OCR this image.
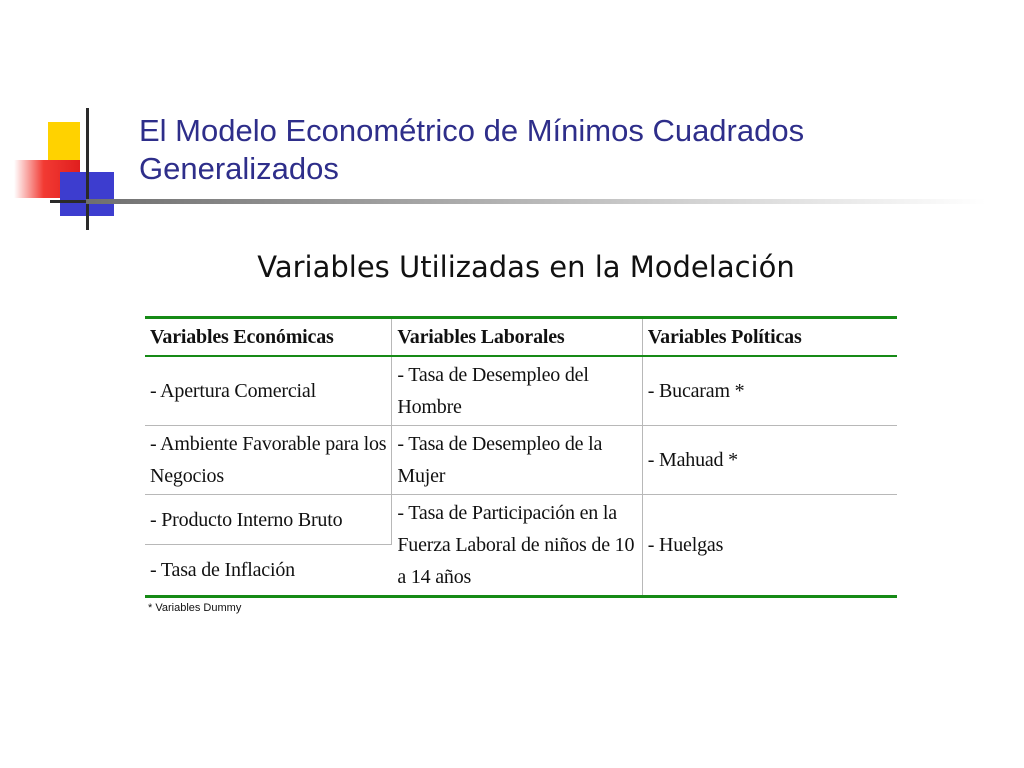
El Modelo Econométrico de Mínimos Cuadrados Generalizados
Variables Utilizadas en la Modelación
Variables Económicas	Variables Laborales	Variables Políticas
- Apertura Comercial	- Tasa de Desempleo del Hombre	- Bucaram *
- Ambiente Favorable para los Negocios	- Tasa de Desempleo de la Mujer	- Mahuad *
- Producto Interno Bruto	- Tasa de Participación en la Fuerza Laboral de niños de 10 a 14 años	- Huelgas
- Tasa de Inflación		
* Variables Dummy
